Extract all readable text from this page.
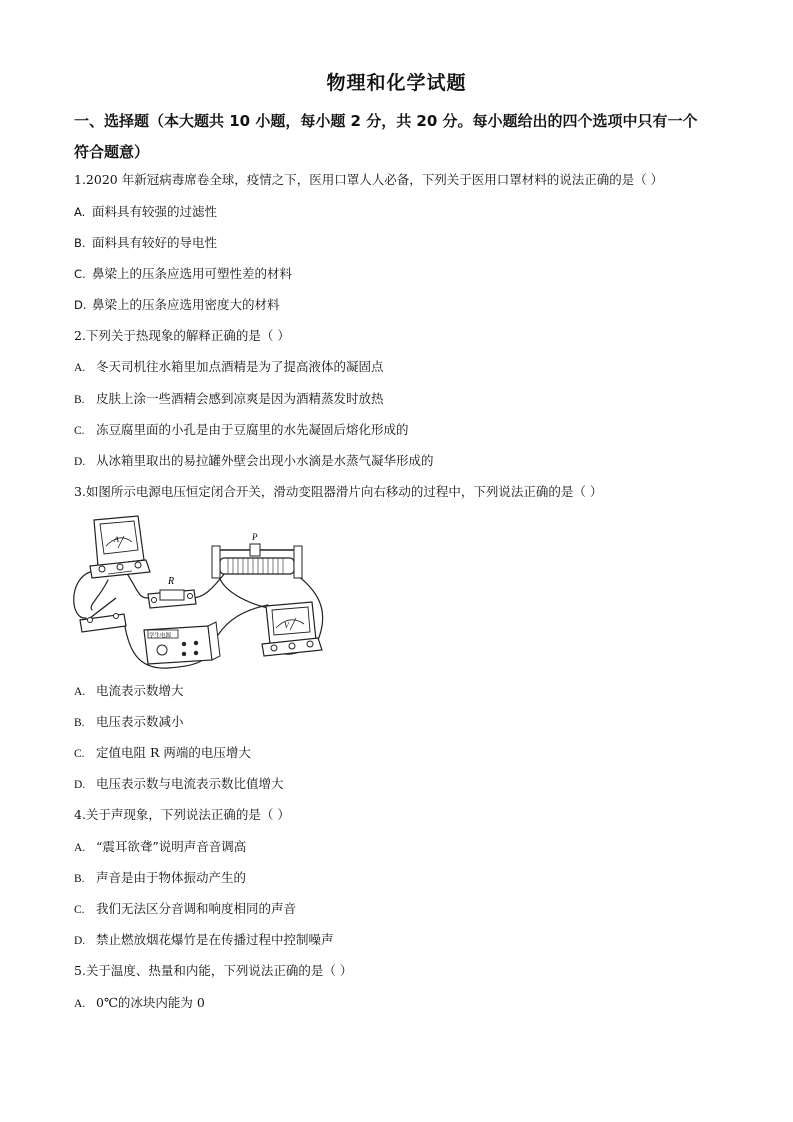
物理和化学试题
一、选择题（本大题共 10 小题，每小题 2 分，共 20 分。每小题给出的四个选项中只有一个
符合题意）
1.2020 年新冠病毒席卷全球，疫情之下，医用口罩人人必备，下列关于医用口罩材料的说法正确的是（ ）
A. 面料具有较强的过滤性
B. 面料具有较好的导电性
C. 鼻梁上的压条应选用可塑性差的材料
D. 鼻梁上的压条应选用密度大的材料
2.下列关于热现象的解释正确的是（ ）
A. 冬天司机往水箱里加点酒精是为了提高液体的凝固点
B. 皮肤上涂一些酒精会感到凉爽是因为酒精蒸发时放热
C. 冻豆腐里面的小孔是由于豆腐里的水先凝固后熔化形成的
D. 从冰箱里取出的易拉罐外壁会出现小水滴是水蒸气凝华形成的
3.如图所示电源电压恒定闭合开关，滑动变阻器滑片向右移动的过程中，下列说法正确的是（ ）
A
R
P
V
学生电源
A. 电流表示数增大
B. 电压表示数减小
C. 定值电阻 R 两端的电压增大
D. 电压表示数与电流表示数比值增大
4.关于声现象，下列说法正确的是（ ）
A. “震耳欲聋”说明声音音调高
B. 声音是由于物体振动产生的
C. 我们无法区分音调和响度相同的声音
D. 禁止燃放烟花爆竹是在传播过程中控制噪声
5.关于温度、热量和内能，下列说法正确的是（ ）
A. 0℃的冰块内能为 0
